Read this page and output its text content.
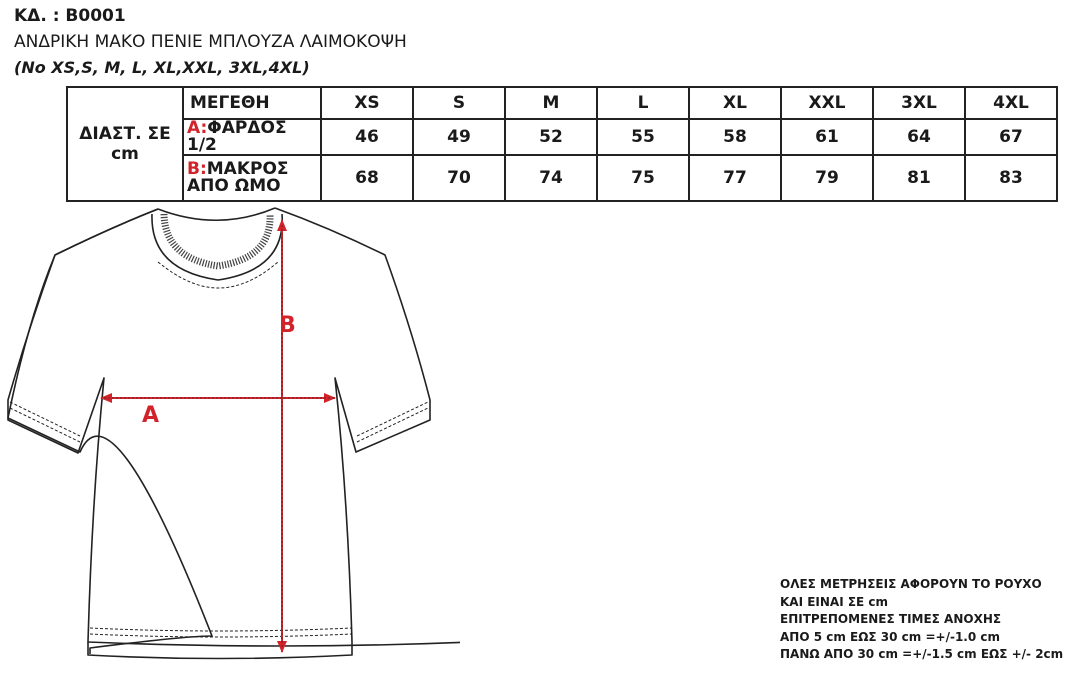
ΚΔ. : B0001
ΑΝΔΡΙΚΗ ΜΑΚΟ ΠΕΝΙΕ ΜΠΛΟΥΖΑ ΛΑΙΜΟΚΟΨΗ
(No XS,S, M, L, XL,XXL, 3XL,4XL)
ΔΙΑΣΤ. ΣΕ cm	ΜΕΓΕΘΗ	XS	S	M	L	XL	XXL	3XL	4XL
	A:ΦΑΡΔΟΣ 1/2	46	49	52	55	58	61	64	67
	B:ΜΑΚΡΟΣ ΑΠΟ ΩΜΟ	68	70	74	75	77	79	81	83
A
B
ΟΛΕΣ ΜΕΤΡΗΣΕΙΣ ΑΦΟΡΟΥΝ ΤΟ ΡΟΥΧΟ
ΚΑΙ ΕΙΝΑΙ ΣΕ cm
ΕΠΙΤΡΕΠΟΜΕΝΕΣ ΤΙΜΕΣ ΑΝΟΧΗΣ
ΑΠΟ 5 cm ΕΩΣ 30 cm =+/-1.0 cm
ΠΑΝΩ ΑΠΟ 30 cm =+/-1.5 cm ΕΩΣ +/- 2cm
